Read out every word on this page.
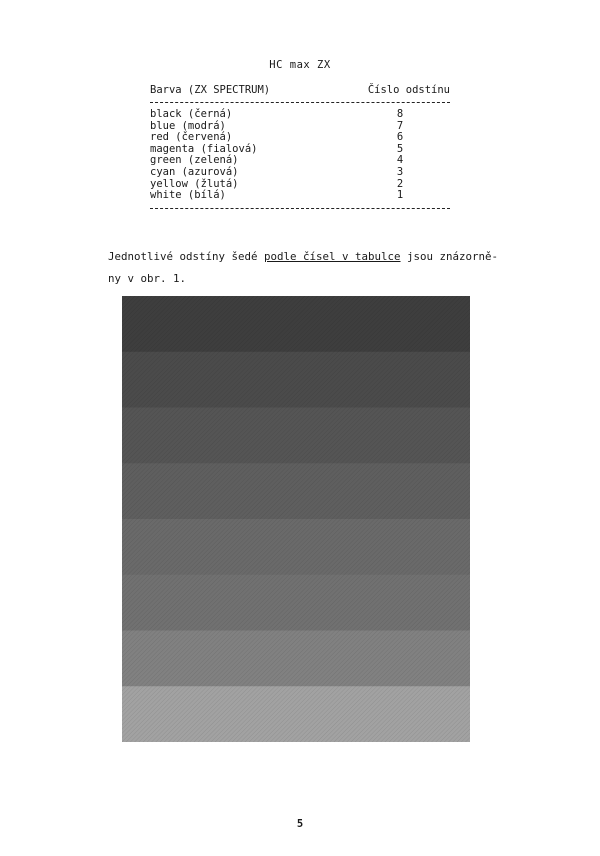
HC max ZX
Barva (ZX SPECTRUM)	Číslo odstínu
black (černá)	8
blue (modrá)	7
red (červená)	6
magenta (fialová)	5
green (zelená)	4
cyan (azurová)	3
yellow (žlutá)	2
white (bílá)	1
Jednotlivé odstíny šedé podle čísel v tabulce jsou znázorně-
ny v obr. 1.
5
